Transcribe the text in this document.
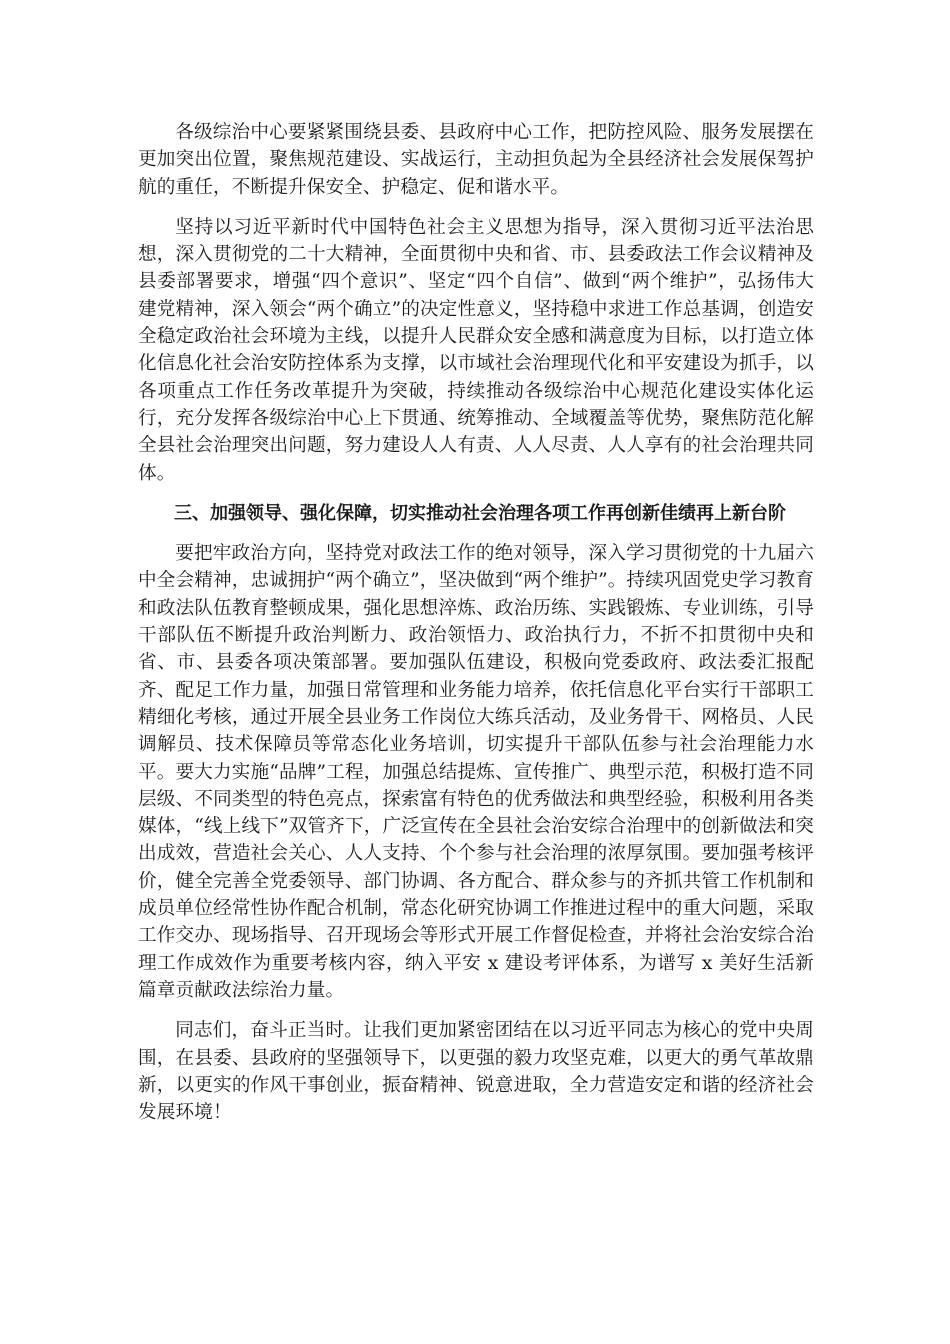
各级综治中心要紧紧围绕县委、县政府中心工作，把防控风险、服务发展摆在更加突出位置，聚焦规范建设、实战运行，主动担负起为全县经济社会发展保驾护航的重任，不断提升保安全、护稳定、促和谐水平。

坚持以习近平新时代中国特色社会主义思想为指导，深入贯彻习近平法治思想，深入贯彻党的二十大精神，全面贯彻中央和省、市、县委政法工作会议精神及县委部署要求，增强“四个意识”、坚定“四个自信”、做到“两个维护”，弘扬伟大建党精神，深入领会“两个确立”的决定性意义，坚持稳中求进工作总基调，创造安全稳定政治社会环境为主线，以提升人民群众安全感和满意度为目标，以打造立体化信息化社会治安防控体系为支撑，以市域社会治理现代化和平安建设为抓手，以各项重点工作任务改革提升为突破，持续推动各级综治中心规范化建设实体化运行，充分发挥各级综治中心上下贯通、统筹推动、全域覆盖等优势，聚焦防范化解全县社会治理突出问题，努力建设人人有责、人人尽责、人人享有的社会治理共同体。

三、加强领导、强化保障，切实推动社会治理各项工作再创新佳绩再上新台阶

要把牢政治方向，坚持党对政法工作的绝对领导，深入学习贯彻党的十九届六中全会精神，忠诚拥护“两个确立”，坚决做到“两个维护”。持续巩固党史学习教育和政法队伍教育整顿成果，强化思想淬炼、政治历练、实践锻炼、专业训练，引导干部队伍不断提升政治判断力、政治领悟力、政治执行力，不折不扣贯彻中央和省、市、县委各项决策部署。要加强队伍建设，积极向党委政府、政法委汇报配齐、配足工作力量，加强日常管理和业务能力培养，依托信息化平台实行干部职工精细化考核，通过开展全县业务工作岗位大练兵活动，及业务骨干、网格员、人民调解员、技术保障员等常态化业务培训，切实提升干部队伍参与社会治理能力水平。要大力实施“品牌”工程，加强总结提炼、宣传推广、典型示范，积极打造不同层级、不同类型的特色亮点，探索富有特色的优秀做法和典型经验，积极利用各类媒体，“线上线下”双管齐下，广泛宣传在全县社会治安综合治理中的创新做法和突出成效，营造社会关心、人人支持、个个参与社会治理的浓厚氛围。要加强考核评价，健全完善全党委领导、部门协调、各方配合、群众参与的齐抓共管工作机制和成员单位经常性协作配合机制，常态化研究协调工作推进过程中的重大问题，采取工作交办、现场指导、召开现场会等形式开展工作督促检查，并将社会治安综合治理工作成效作为重要考核内容，纳入平安 x 建设考评体系，为谱写 x 美好生活新篇章贡献政法综治力量。

同志们，奋斗正当时。让我们更加紧密团结在以习近平同志为核心的党中央周围，在县委、县政府的坚强领导下，以更强的毅力攻坚克难，以更大的勇气革故鼎新，以更实的作风干事创业，振奋精神、锐意进取，全力营造安定和谐的经济社会发展环境！
